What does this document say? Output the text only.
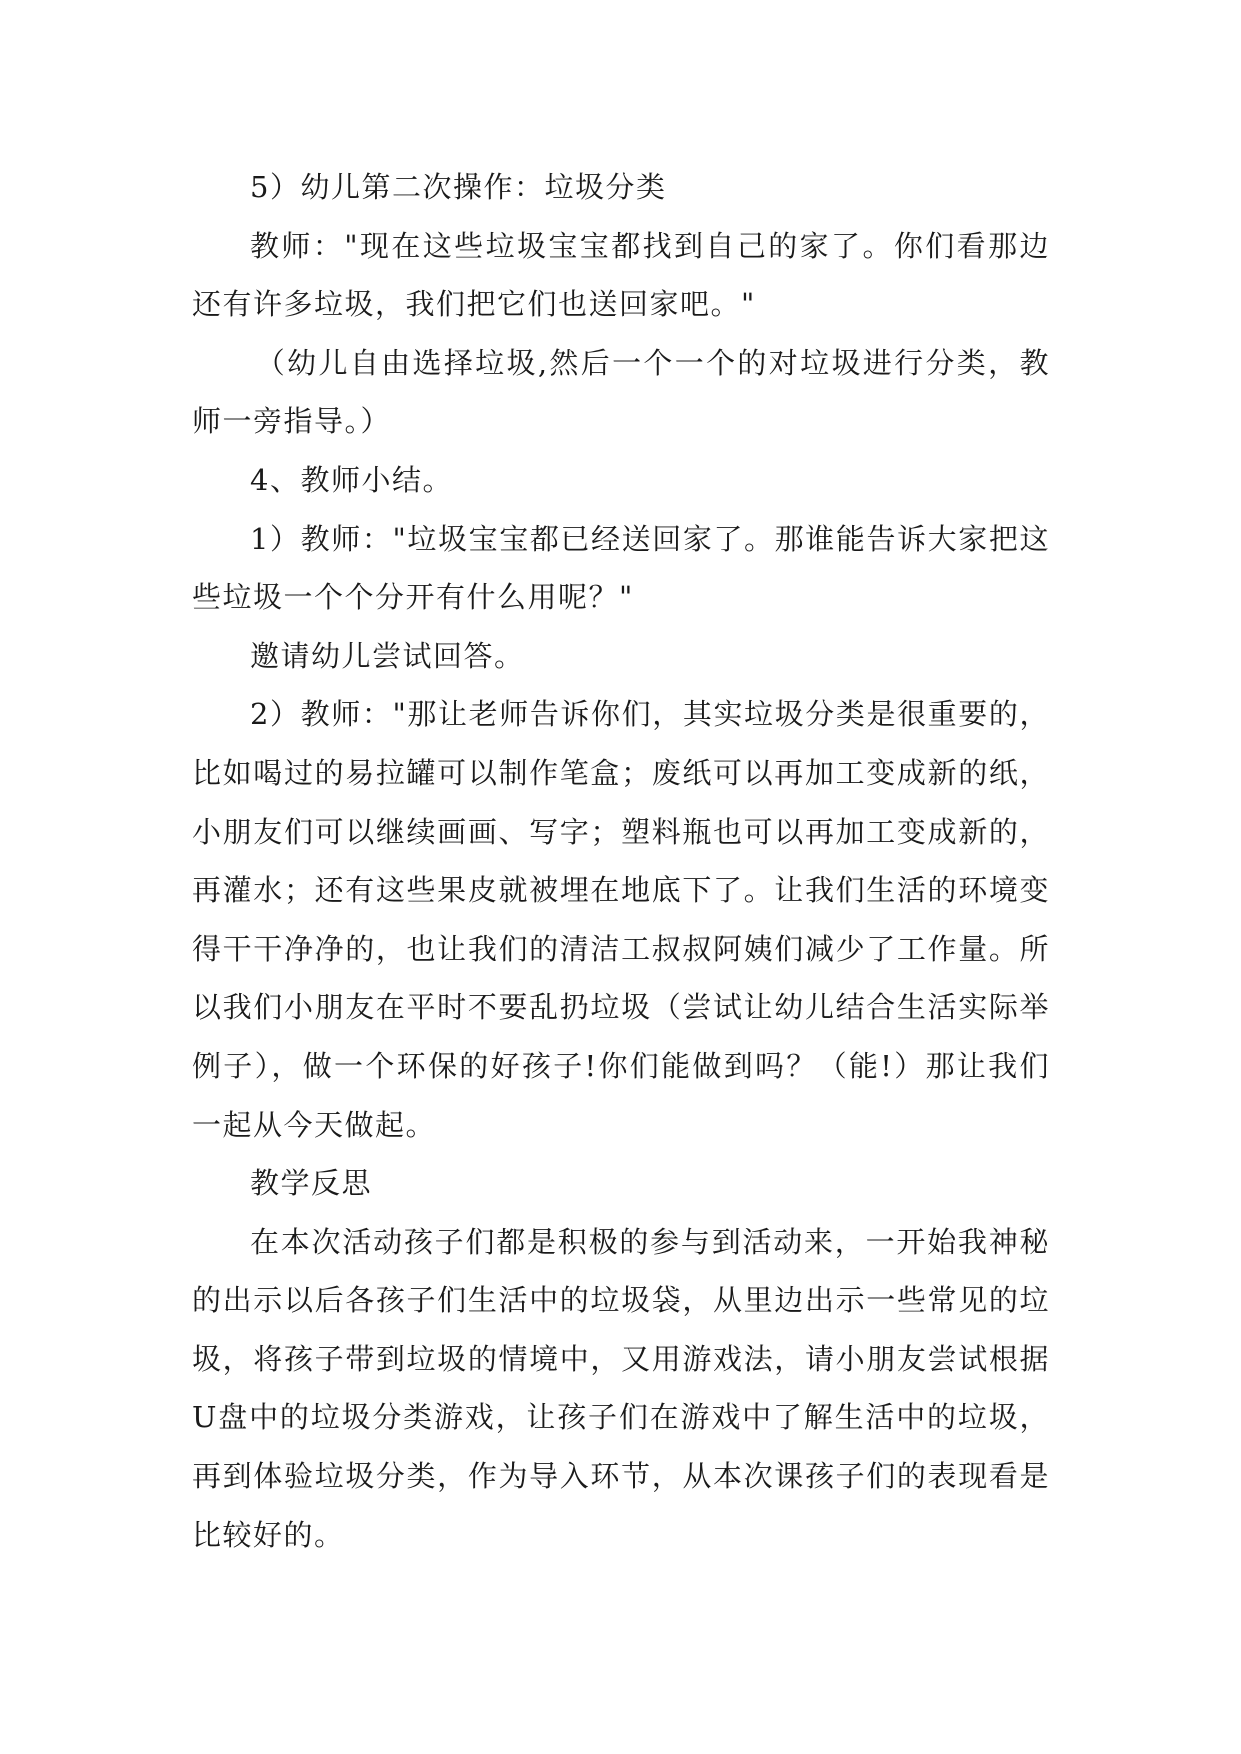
5）幼儿第二次操作：垃圾分类

教师："现在这些垃圾宝宝都找到自己的家了。你们看那边还有许多垃圾，我们把它们也送回家吧。"

（幼儿自由选择垃圾,然后一个一个的对垃圾进行分类，教师一旁指导。）

4、教师小结。

1）教师："垃圾宝宝都已经送回家了。那谁能告诉大家把这些垃圾一个个分开有什么用呢？"

邀请幼儿尝试回答。

2）教师："那让老师告诉你们，其实垃圾分类是很重要的，比如喝过的易拉罐可以制作笔盒；废纸可以再加工变成新的纸，小朋友们可以继续画画、写字；塑料瓶也可以再加工变成新的，再灌水；还有这些果皮就被埋在地底下了。让我们生活的环境变得干干净净的，也让我们的清洁工叔叔阿姨们减少了工作量。所以我们小朋友在平时不要乱扔垃圾（尝试让幼儿结合生活实际举例子），做一个环保的好孩子!你们能做到吗？（能!）那让我们一起从今天做起。

教学反思

在本次活动孩子们都是积极的参与到活动来，一开始我神秘的出示以后各孩子们生活中的垃圾袋，从里边出示一些常见的垃圾，将孩子带到垃圾的情境中，又用游戏法，请小朋友尝试根据U盘中的垃圾分类游戏，让孩子们在游戏中了解生活中的垃圾，再到体验垃圾分类，作为导入环节，从本次课孩子们的表现看是比较好的。
